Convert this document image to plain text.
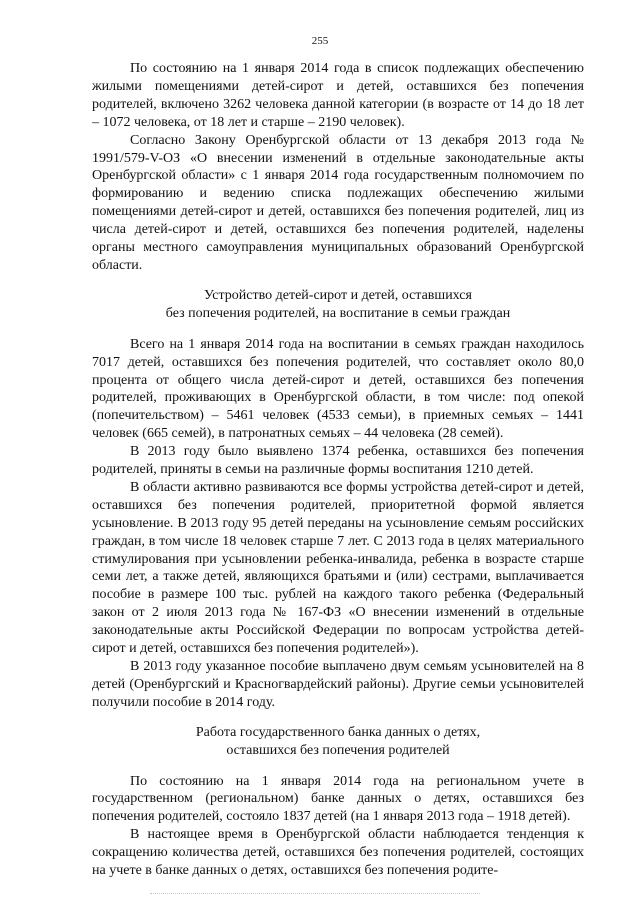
255

По состоянию на 1 января 2014 года в список подлежащих обеспечению жилыми помещениями детей-сирот и детей, оставшихся без попечения родителей, включено 3262 человека данной категории (в возрасте от 14 до 18 лет – 1072 человека, от 18 лет и старше – 2190 человек).

Согласно Закону Оренбургской области от 13 декабря 2013 года № 1991/579-V-ОЗ «О внесении изменений в отдельные законодательные акты Оренбургской области» с 1 января 2014 года государственным полномочием по формированию и ведению списка подлежащих обеспечению жилыми помещениями детей-сирот и детей, оставшихся без попечения родителей, лиц из числа детей-сирот и детей, оставшихся без попечения родителей, наделены органы местного самоуправления муниципальных образований Оренбургской области.

Устройство детей-сирот и детей, оставшихся
без попечения родителей, на воспитание в семьи граждан

Всего на 1 января 2014 года на воспитании в семьях граждан находилось 7017 детей, оставшихся без попечения родителей, что составляет около 80,0 процента от общего числа детей-сирот и детей, оставшихся без попечения родителей, проживающих в Оренбургской области, в том числе: под опекой (попечительством) – 5461 человек (4533 семьи), в приемных семьях – 1441 человек (665 семей), в патронатных семьях – 44 человека (28 семей).

В 2013 году было выявлено 1374 ребенка, оставшихся без попечения родителей, приняты в семьи на различные формы воспитания 1210 детей.

В области активно развиваются все формы устройства детей-сирот и детей, оставшихся без попечения родителей, приоритетной формой является усыновление. В 2013 году 95 детей переданы на усыновление семьям российских граждан, в том числе 18 человек старше 7 лет. С 2013 года в целях материального стимулирования при усыновлении ребенка-инвалида, ребенка в возрасте старше семи лет, а также детей, являющихся братьями и (или) сестрами, выплачивается пособие в размере 100 тыс. рублей на каждого такого ребенка (Федеральный закон от 2 июля 2013 года № 167-ФЗ «О внесении изменений в отдельные законодательные акты Российской Федерации по вопросам устройства детей-сирот и детей, оставшихся без попечения родителей»).

В 2013 году указанное пособие выплачено двум семьям усыновителей на 8 детей (Оренбургский и Красногвардейский районы). Другие семьи усыновителей получили пособие в 2014 году.

Работа государственного банка данных о детях,
оставшихся без попечения родителей

По состоянию на 1 января 2014 года на региональном учете в государственном (региональном) банке данных о детях, оставшихся без попечения родителей, состояло 1837 детей (на 1 января 2013 года – 1918 детей).

В настоящее время в Оренбургской области наблюдается тенденция к сокращению количества детей, оставшихся без попечения родителей, состоящих на учете в банке данных о детях, оставшихся без попечения родите-
